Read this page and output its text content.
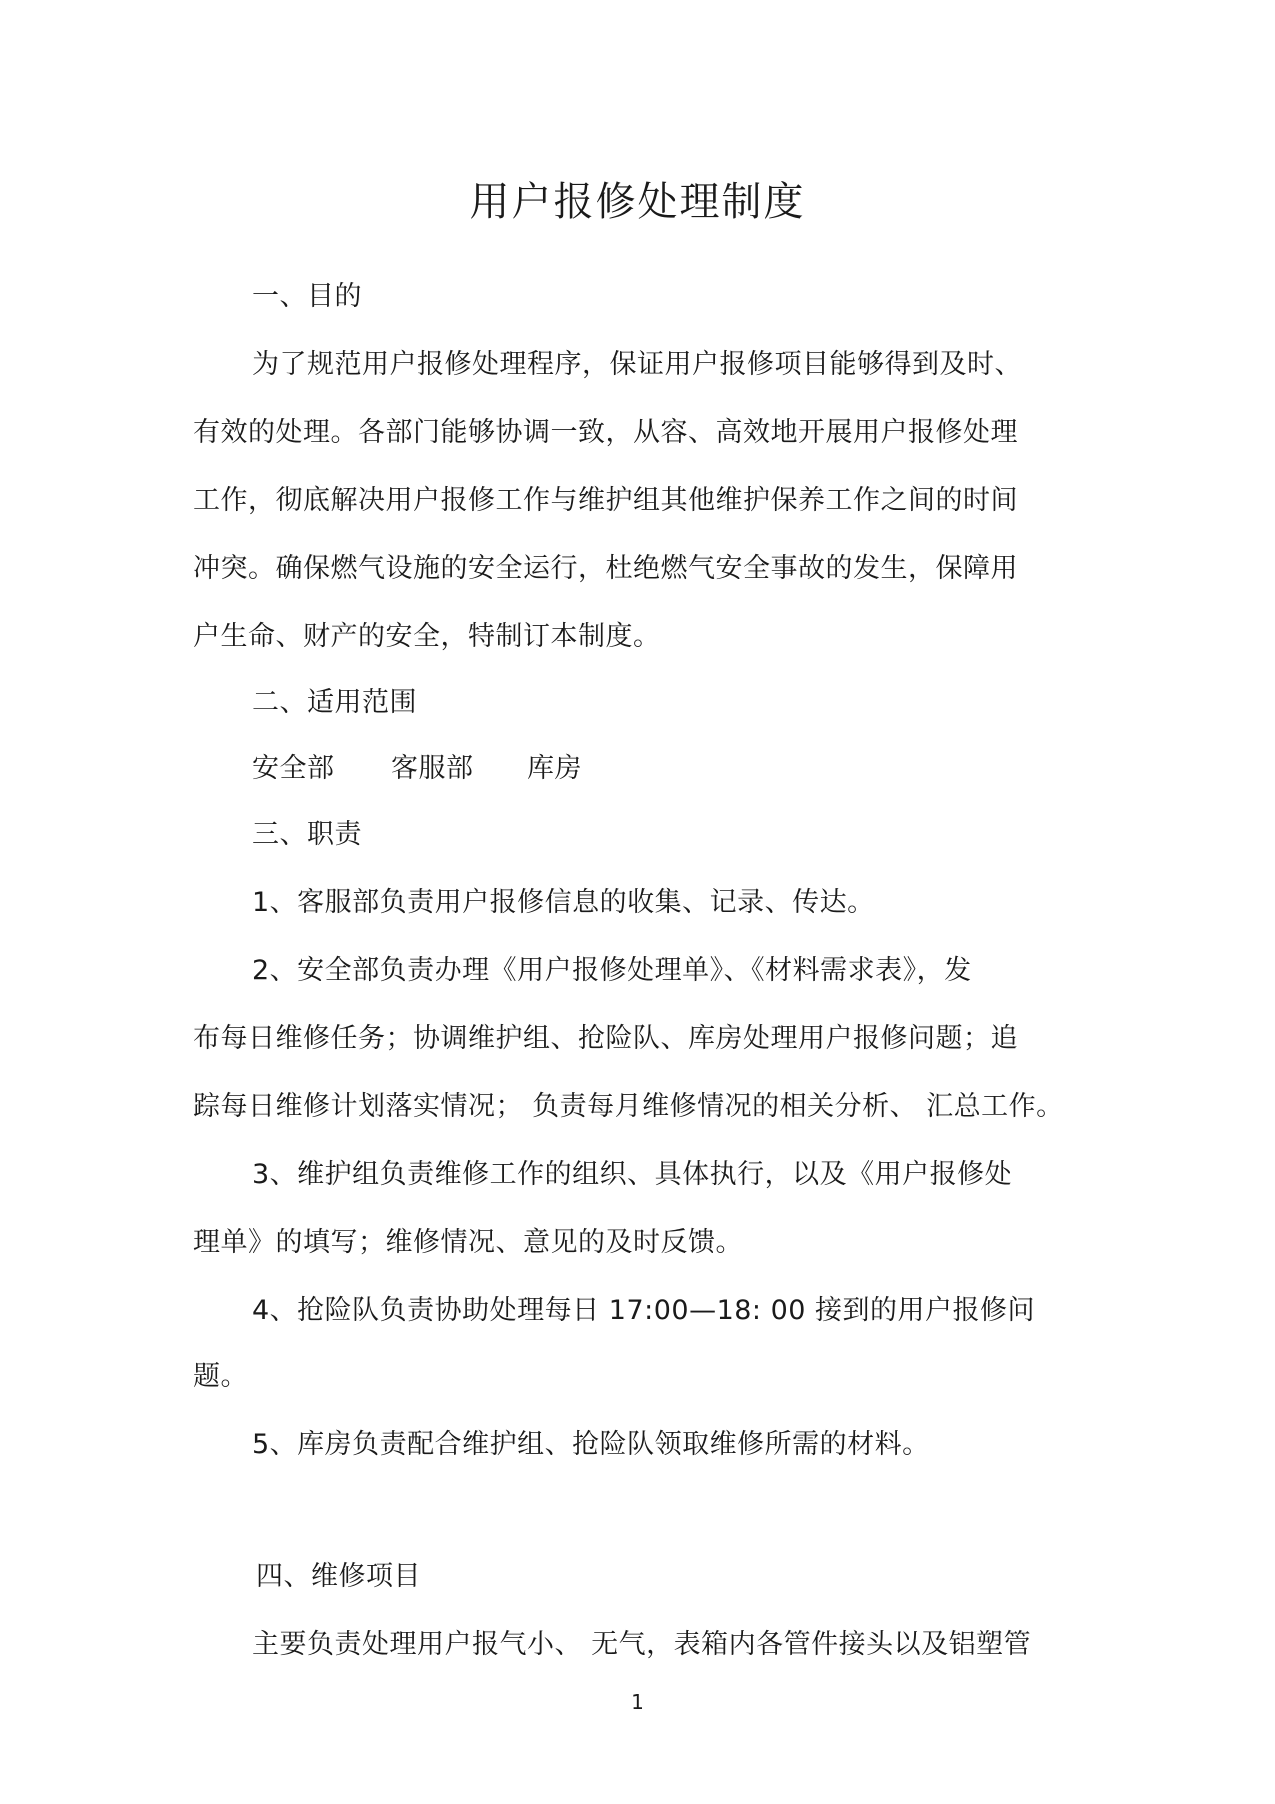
用户报修处理制度

一、目的

为了规范用户报修处理程序，保证用户报修项目能够得到及时、

有效的处理。各部门能够协调一致，从容、高效地开展用户报修处理

工作，彻底解决用户报修工作与维护组其他维护保养工作之间的时间

冲突。确保燃气设施的安全运行，杜绝燃气安全事故的发生，保障用

户生命、财产的安全，特制订本制度。

二、适用范围

安全部 客服部 库房

三、职责

1、客服部负责用户报修信息的收集、记录、传达。

2、安全部负责办理《用户报修处理单》、《材料需求表》，发

布每日维修任务；协调维护组、抢险队、库房处理用户报修问题；追

踪每日维修计划落实情况； 负责每月维修情况的相关分析、 汇总工作。

3、维护组负责维修工作的组织、具体执行，以及《用户报修处

理单》的填写；维修情况、意见的及时反馈。

4、抢险队负责协助处理每日 17:00—18: 00 接到的用户报修问

题。

5、库房负责配合维护组、抢险队领取维修所需的材料。

四、维修项目

主要负责处理用户报气小、 无气，表箱内各管件接头以及铝塑管

1
